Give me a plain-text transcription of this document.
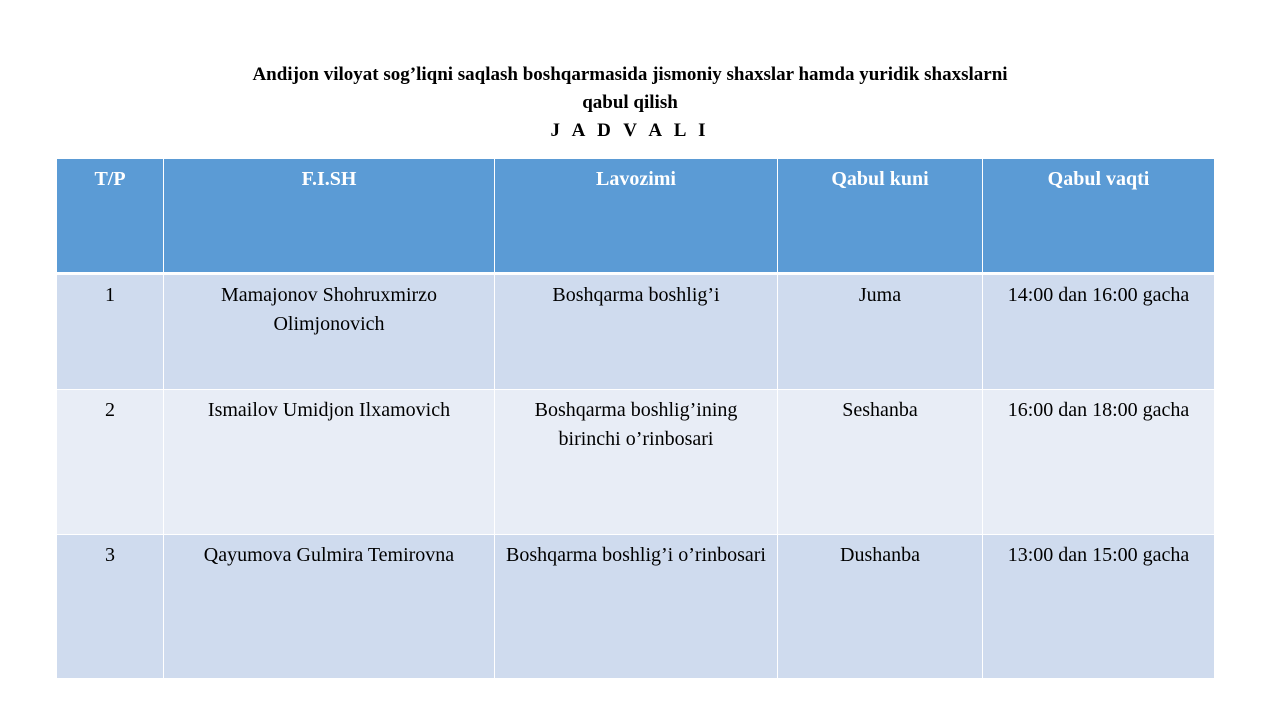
Andijon viloyat sog’liqni saqlash boshqarmasida jismoniy shaxslar hamda yuridik shaxslarni
qabul qilish
J A D V A L I
T/P	F.I.SH	Lavozimi	Qabul kuni	Qabul vaqti
1	Mamajonov Shohruxmirzo Olimjonovich	Boshqarma boshlig’i	Juma	14:00 dan 16:00 gacha
2	Ismailov Umidjon Ilxamovich	Boshqarma boshlig’ining birinchi o’rinbosari	Seshanba	16:00 dan 18:00 gacha
3	Qayumova Gulmira Temirovna	Boshqarma boshlig’i o’rinbosari	Dushanba	13:00 dan 15:00 gacha
